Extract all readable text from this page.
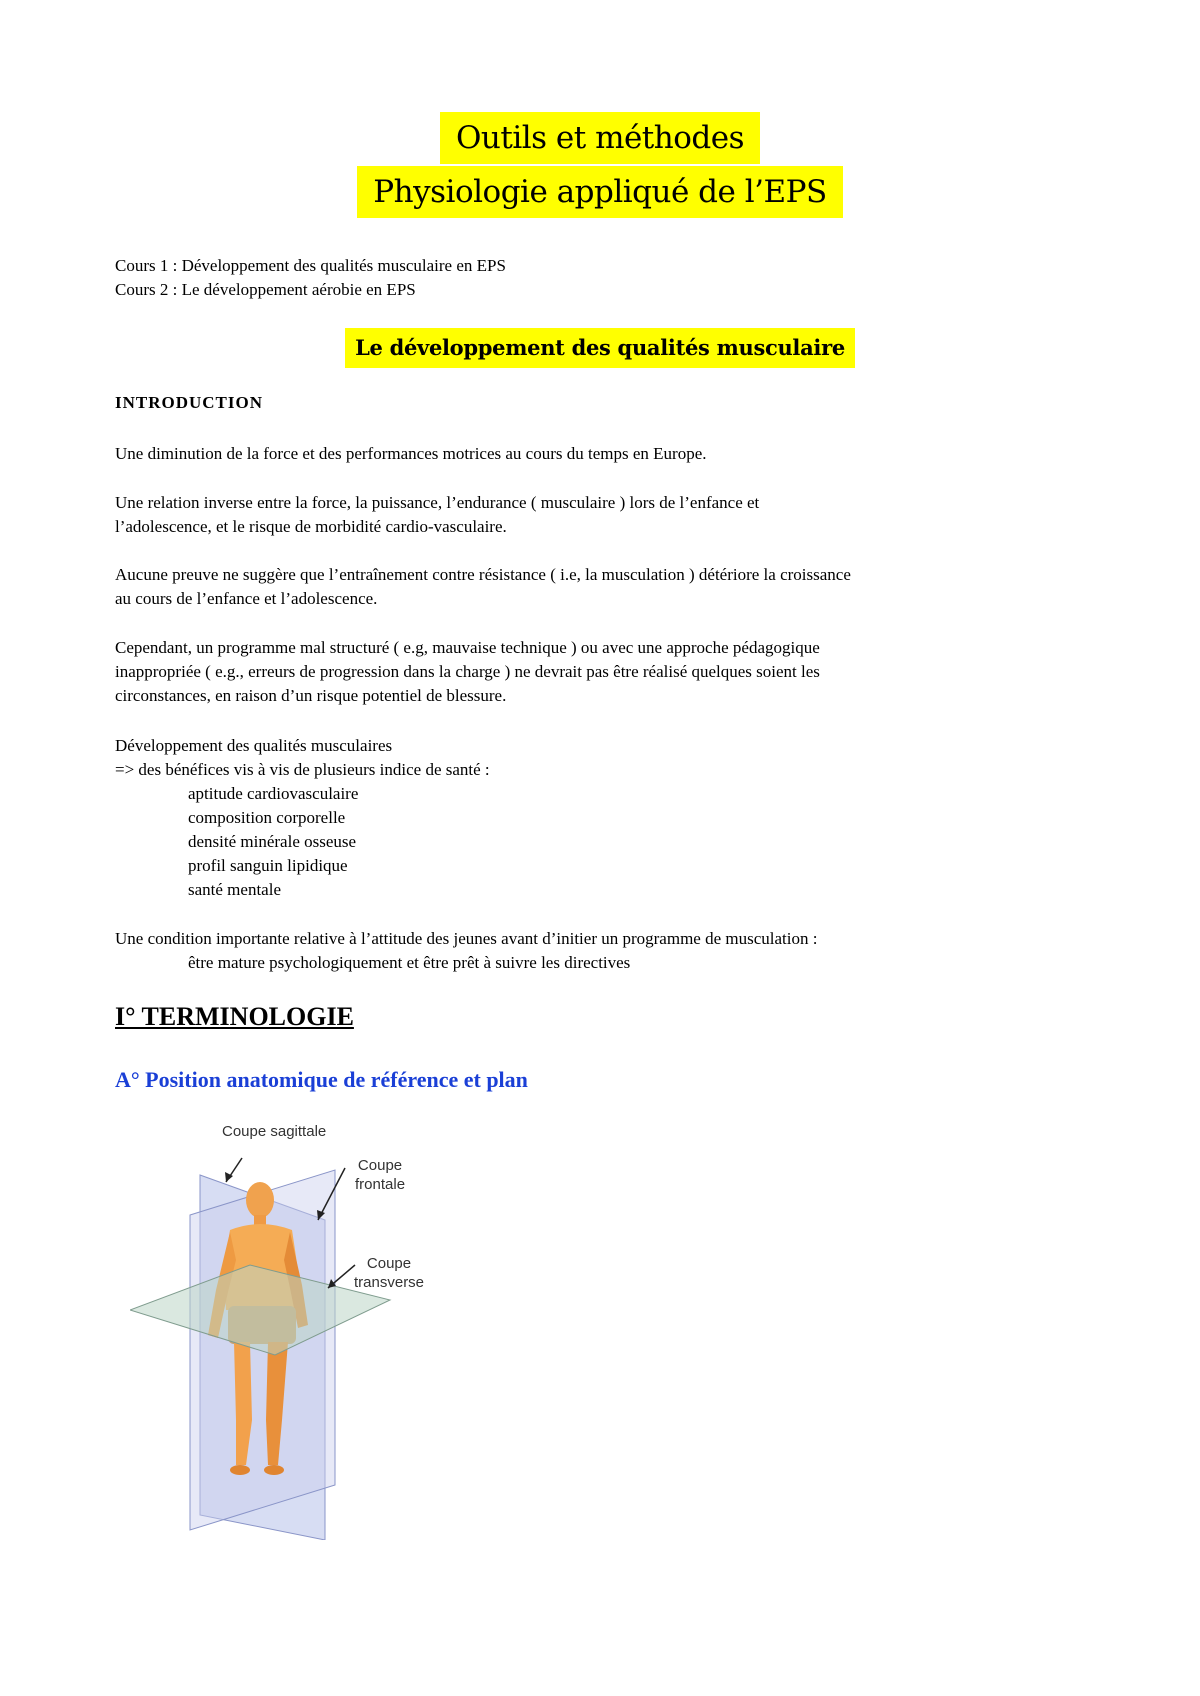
Outils et méthodes
Physiologie appliqué de l’EPS
Cours 1 : Développement des qualités musculaire en EPS
Cours 2 : Le développement aérobie en EPS
Le développement des qualités musculaire
INTRODUCTION
Une diminution de la force et des performances motrices au cours du temps en Europe.
Une relation inverse entre la force, la puissance, l’endurance ( musculaire ) lors de l’enfance et
l’adolescence, et le risque de morbidité cardio-vasculaire.
Aucune preuve ne suggère que l’entraînement contre résistance ( i.e, la musculation ) détériore la croissance
au cours de l’enfance et l’adolescence.
Cependant, un programme mal structuré ( e.g, mauvaise technique ) ou avec une approche pédagogique
inappropriée ( e.g., erreurs de progression dans la charge ) ne devrait pas être réalisé quelques soient les
circonstances, en raison d’un risque potentiel de blessure.
Développement des qualités musculaires
=> des bénéfices vis à vis de plusieurs indice de santé :
aptitude cardiovasculaire
composition corporelle
densité minérale osseuse
profil sanguin lipidique
santé mentale
Une condition importante relative à l’attitude des jeunes avant d’initier un programme de musculation :
être mature psychologiquement et être prêt à suivre les directives
I° TERMINOLOGIE
A° Position anatomique de référence et plan
Coupe sagittale
Coupe
frontale
Coupe
transverse
